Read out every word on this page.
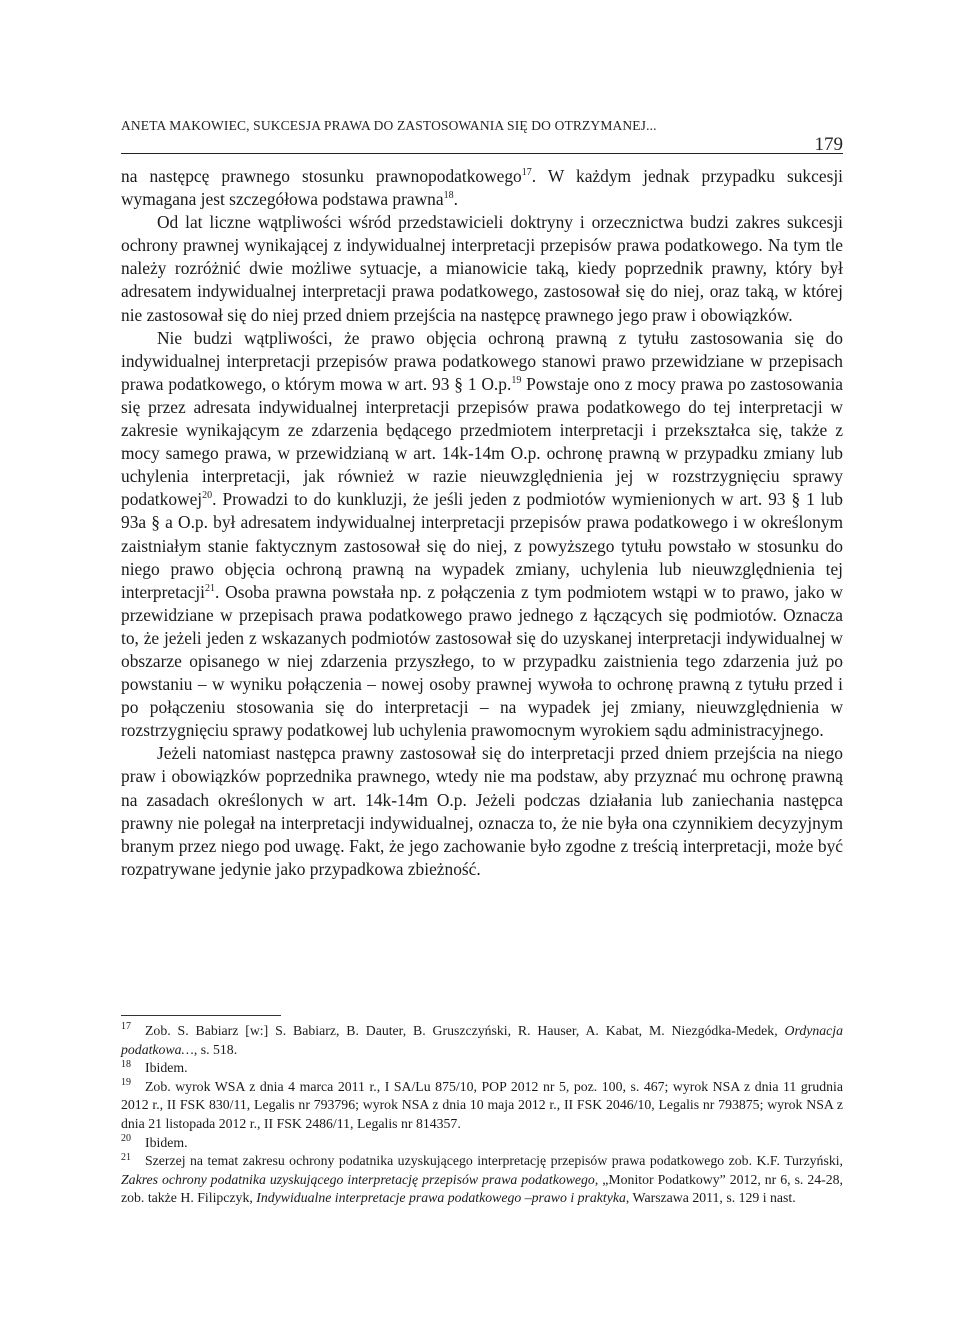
ANETA MAKOWIEC, SUKCESJA PRAWA DO ZASTOSOWANIA SIĘ DO OTRZYMANEJ...
179

na następcę prawnego stosunku prawnopodatkowego$^{17}$. W każdym jednak przypadku sukcesji wymagana jest szczegółowa podstawa prawna$^{18}$.

Od lat liczne wątpliwości wśród przedstawicieli doktryny i orzecznictwa budzi zakres sukcesji ochrony prawnej wynikającej z indywidualnej interpretacji przepisów prawa podatkowego. Na tym tle należy rozróżnić dwie możliwe sytuacje, a mianowicie taką, kiedy poprzednik prawny, który był adresatem indywidualnej interpretacji prawa podatkowego, zastosował się do niej, oraz taką, w której nie zastosował się do niej przed dniem przejścia na następcę prawnego jego praw i obowiązków.

Nie budzi wątpliwości, że prawo objęcia ochroną prawną z tytułu zastosowania się do indywidualnej interpretacji przepisów prawa podatkowego stanowi prawo przewidziane w przepisach prawa podatkowego, o którym mowa w art. 93 § 1 O.p.$^{19}$ Powstaje ono z mocy prawa po zastosowania się przez adresata indywidualnej interpretacji przepisów prawa podatkowego do tej interpretacji w zakresie wynikającym ze zdarzenia będącego przedmiotem interpretacji i przekształca się, także z mocy samego prawa, w przewidzianą w art. 14k-14m O.p. ochronę prawną w przypadku zmiany lub uchylenia interpretacji, jak również w razie nieuwzględnienia jej w rozstrzygnięciu sprawy podatkowej$^{20}$. Prowadzi to do kunkluzji, że jeśli jeden z podmiotów wymienionych w art. 93 § 1 lub 93a § a O.p. był adresatem indywidualnej interpretacji przepisów prawa podatkowego i w określonym zaistniałym stanie faktycznym zastosował się do niej, z powyższego tytułu powstało w stosunku do niego prawo objęcia ochroną prawną na wypadek zmiany, uchylenia lub nieuwzględnienia tej interpretacji$^{21}$. Osoba prawna powstała np. z połączenia z tym podmiotem wstąpi w to prawo, jako w przewidziane w przepisach prawa podatkowego prawo jednego z łączących się podmiotów. Oznacza to, że jeżeli jeden z wskazanych podmiotów zastosował się do uzyskanej interpretacji indywidualnej w obszarze opisanego w niej zdarzenia przyszłego, to w przypadku zaistnienia tego zdarzenia już po powstaniu – w wyniku połączenia – nowej osoby prawnej wywoła to ochronę prawną z tytułu przed i po połączeniu stosowania się do interpretacji – na wypadek jej zmiany, nieuwzględnienia w rozstrzygnięciu sprawy podatkowej lub uchylenia prawomocnym wyrokiem sądu administracyjnego.

Jeżeli natomiast następca prawny zastosował się do interpretacji przed dniem przejścia na niego praw i obowiązków poprzednika prawnego, wtedy nie ma podstaw, aby przyznać mu ochronę prawną na zasadach określonych w art. 14k-14m O.p. Jeżeli podczas działania lub zaniechania następca prawny nie polegał na interpretacji indywidualnej, oznacza to, że nie była ona czynnikiem decyzyjnym branym przez niego pod uwagę. Fakt, że jego zachowanie było zgodne z treścią interpretacji, może być rozpatrywane jedynie jako przypadkowa zbieżność.

17 Zob. S. Babiarz [w:] S. Babiarz, B. Dauter, B. Gruszczyński, R. Hauser, A. Kabat, M. Niezgódka-Medek, Ordynacja podatkowa…, s. 518.

18 Ibidem.

19 Zob. wyrok WSA z dnia 4 marca 2011 r., I SA/Lu 875/10, POP 2012 nr 5, poz. 100, s. 467; wyrok NSA z dnia 11 grudnia 2012 r., II FSK 830/11, Legalis nr 793796; wyrok NSA z dnia 10 maja 2012 r., II FSK 2046/10, Legalis nr 793875; wyrok NSA z dnia 21 listopada 2012 r., II FSK 2486/11, Legalis nr 814357.

20 Ibidem.

21 Szerzej na temat zakresu ochrony podatnika uzyskującego interpretację przepisów prawa podatkowego zob. K.F. Turzyński, Zakres ochrony podatnika uzyskującego interpretację przepisów prawa podatkowego, „Monitor Podatkowy” 2012, nr 6, s. 24-28, zob. także H. Filipczyk, Indywidualne interpretacje prawa podatkowego –prawo i praktyka, Warszawa 2011, s. 129 i nast.
